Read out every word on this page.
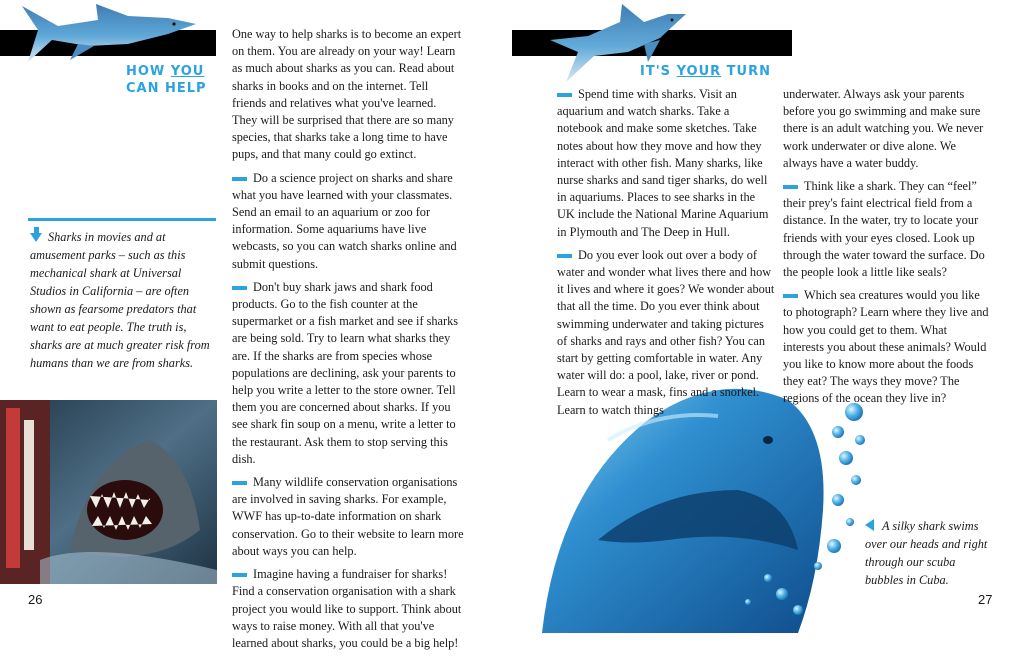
HOW YOU
CAN HELP

One way to help sharks is to become an expert on them. You are already on your way! Learn as much about sharks as you can. Read about sharks in books and on the internet. Tell friends and relatives what you've learned. They will be surprised that there are so many species, that sharks take a long time to have pups, and that many could go extinct.

Do a science project on sharks and share what you have learned with your classmates. Send an email to an aquarium or zoo for information. Some aquariums have live webcasts, so you can watch sharks online and submit questions.

Don't buy shark jaws and shark food products. Go to the fish counter at the supermarket or a fish market and see if sharks are being sold. Try to learn what sharks they are. If the sharks are from species whose populations are declining, ask your parents to help you write a letter to the store owner. Tell them you are concerned about sharks. If you see shark fin soup on a menu, write a letter to the restaurant. Ask them to stop serving this dish.

Many wildlife conservation organisations are involved in saving sharks. For example, WWF has up-to-date information on shark conservation. Go to their website to learn more about ways you can help.

Imagine having a fundraiser for sharks! Find a conservation organisation with a shark project you would like to support. Think about ways to raise money. With all that you've learned about sharks, you could be a big help!

Sharks in movies and at amusement parks – such as this mechanical shark at Universal Studios in California – are often shown as fearsome predators that want to eat people. The truth is, sharks are at much greater risk from humans than we are from sharks.
26
IT'S YOUR TURN

Spend time with sharks. Visit an aquarium and watch sharks. Take a notebook and make some sketches. Take notes about how they move and how they interact with other fish. Many sharks, like nurse sharks and sand tiger sharks, do well in aquariums. Places to see sharks in the UK include the National Marine Aquarium in Plymouth and The Deep in Hull.

Do you ever look out over a body of water and wonder what lives there and how it lives and where it goes? We wonder about that all the time. Do you ever think about swimming underwater and taking pictures of sharks and rays and other fish? You can start by getting comfortable in water. Any water will do: a pool, lake, river or pond. Learn to wear a mask, fins and a snorkel. Learn to watch things

underwater. Always ask your parents before you go swimming and make sure there is an adult watching you. We never work underwater or dive alone. We always have a water buddy.

Think like a shark. They can “feel” their prey's faint electrical field from a distance. In the water, try to locate your friends with your eyes closed. Look up through the water toward the surface. Do the people look a little like seals?

Which sea creatures would you like to photograph? Learn where they live and how you could get to them. What interests you about these animals? Would you like to know more about the foods they eat? The ways they move? The regions of the ocean they live in?

A silky shark swims over our heads and right through our scuba bubbles in Cuba.
27
